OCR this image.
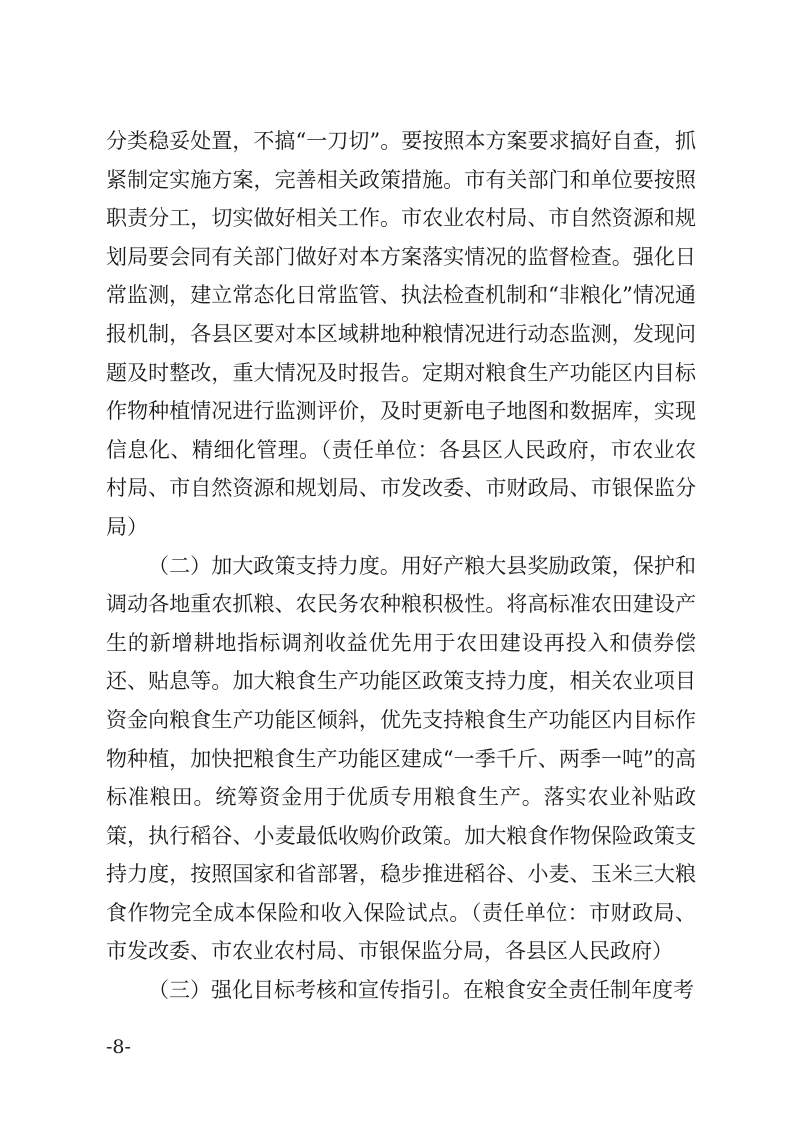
分类稳妥处置，不搞“一刀切”。要按照本方案要求搞好自查，抓紧制定实施方案，完善相关政策措施。市有关部门和单位要按照职责分工，切实做好相关工作。市农业农村局、市自然资源和规划局要会同有关部门做好对本方案落实情况的监督检查。强化日常监测，建立常态化日常监管、执法检查机制和“非粮化”情况通报机制，各县区要对本区域耕地种粮情况进行动态监测，发现问题及时整改，重大情况及时报告。定期对粮食生产功能区内目标作物种植情况进行监测评价，及时更新电子地图和数据库，实现信息化、精细化管理。（责任单位：各县区人民政府，市农业农村局、市自然资源和规划局、市发改委、市财政局、市银保监分局）

（二）加大政策支持力度。用好产粮大县奖励政策，保护和调动各地重农抓粮、农民务农种粮积极性。将高标准农田建设产生的新增耕地指标调剂收益优先用于农田建设再投入和债券偿还、贴息等。加大粮食生产功能区政策支持力度，相关农业项目资金向粮食生产功能区倾斜，优先支持粮食生产功能区内目标作物种植，加快把粮食生产功能区建成“一季千斤、两季一吨”的高标准粮田。统筹资金用于优质专用粮食生产。落实农业补贴政策，执行稻谷、小麦最低收购价政策。加大粮食作物保险政策支持力度，按照国家和省部署，稳步推进稻谷、小麦、玉米三大粮食作物完全成本保险和收入保险试点。（责任单位：市财政局、市发改委、市农业农村局、市银保监分局，各县区人民政府）

（三）强化目标考核和宣传指引。在粮食安全责任制年度考

-8-
